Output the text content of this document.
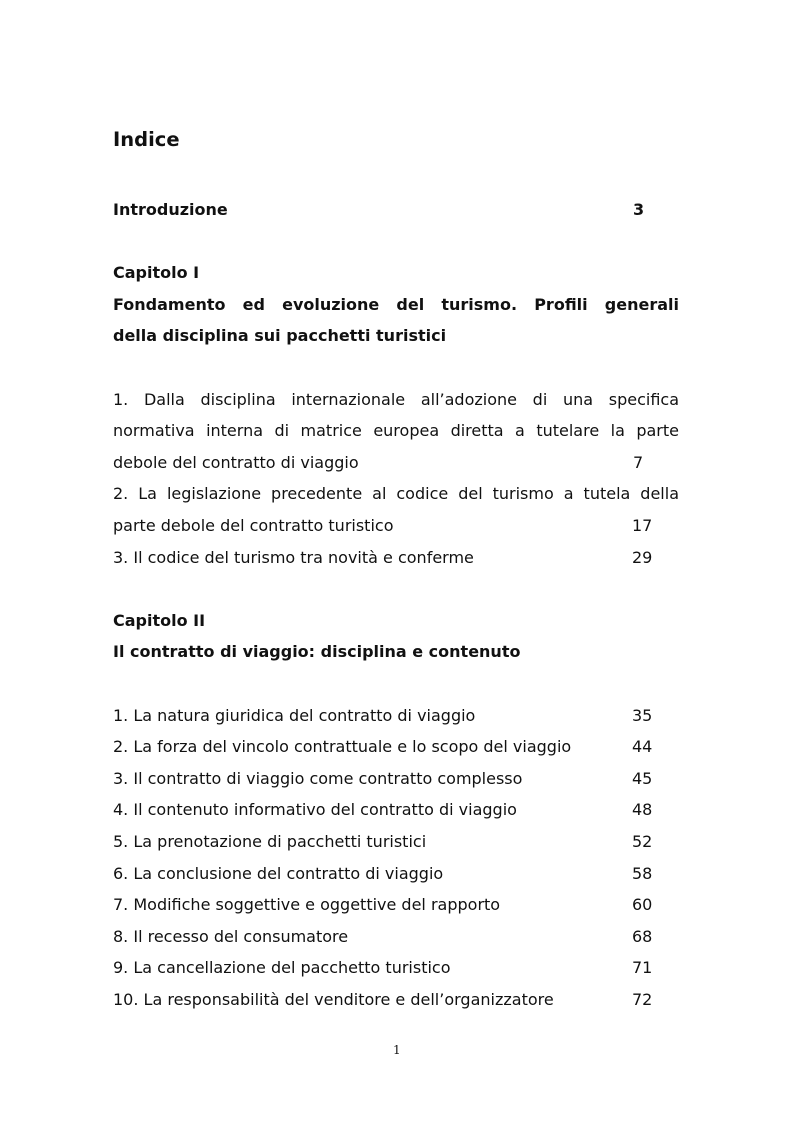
Indice
Introduzione	3
Capitolo I
Fondamento ed evoluzione del turismo. Profili generali
della disciplina sui pacchetti turistici
1. Dalla disciplina internazionale all’adozione di una specifica
normativa interna di matrice europea diretta a tutelare la parte
debole del contratto di viaggio	7
2. La legislazione precedente al codice del turismo a tutela della
parte debole del contratto turistico	17
3. Il codice del turismo tra novità e conferme	29
Capitolo II
Il contratto di viaggio: disciplina e contenuto
1. La natura giuridica del contratto di viaggio	35
2. La forza del vincolo contrattuale e lo scopo del viaggio	44
3. Il contratto di viaggio come contratto complesso	45
4. Il contenuto informativo del contratto di viaggio	48
5. La prenotazione di pacchetti turistici	52
6. La conclusione del contratto di viaggio	58
7. Modifiche soggettive e oggettive del rapporto	60
8. Il recesso del consumatore	68
9. La cancellazione del pacchetto turistico	71
10. La responsabilità del venditore e dell’organizzatore	72
1
